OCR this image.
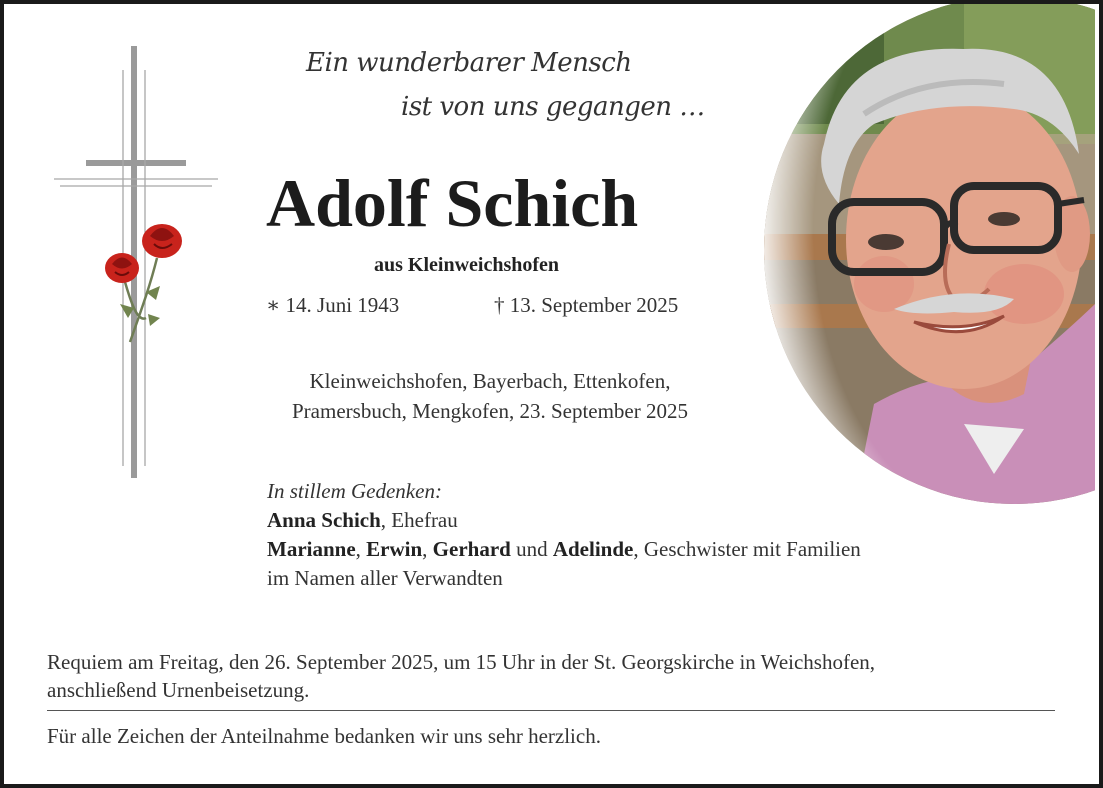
Ein wunderbarer Mensch
ist von uns gegangen …
Adolf Schich
aus Kleinweichshofen
∗ 14. Juni 1943	† 13. September 2025
Kleinweichshofen, Bayerbach, Ettenkofen,
Pramersbuch, Mengkofen, 23. September 2025
In stillem Gedenken:
Anna Schich, Ehefrau
Marianne, Erwin, Gerhard und Adelinde, Geschwister mit Familien
im Namen aller Verwandten
Requiem am Freitag, den 26. September 2025, um 15 Uhr in der St. Georgskirche in Weichshofen,
anschließend Urnenbeisetzung.
Für alle Zeichen der Anteilnahme bedanken wir uns sehr herzlich.
